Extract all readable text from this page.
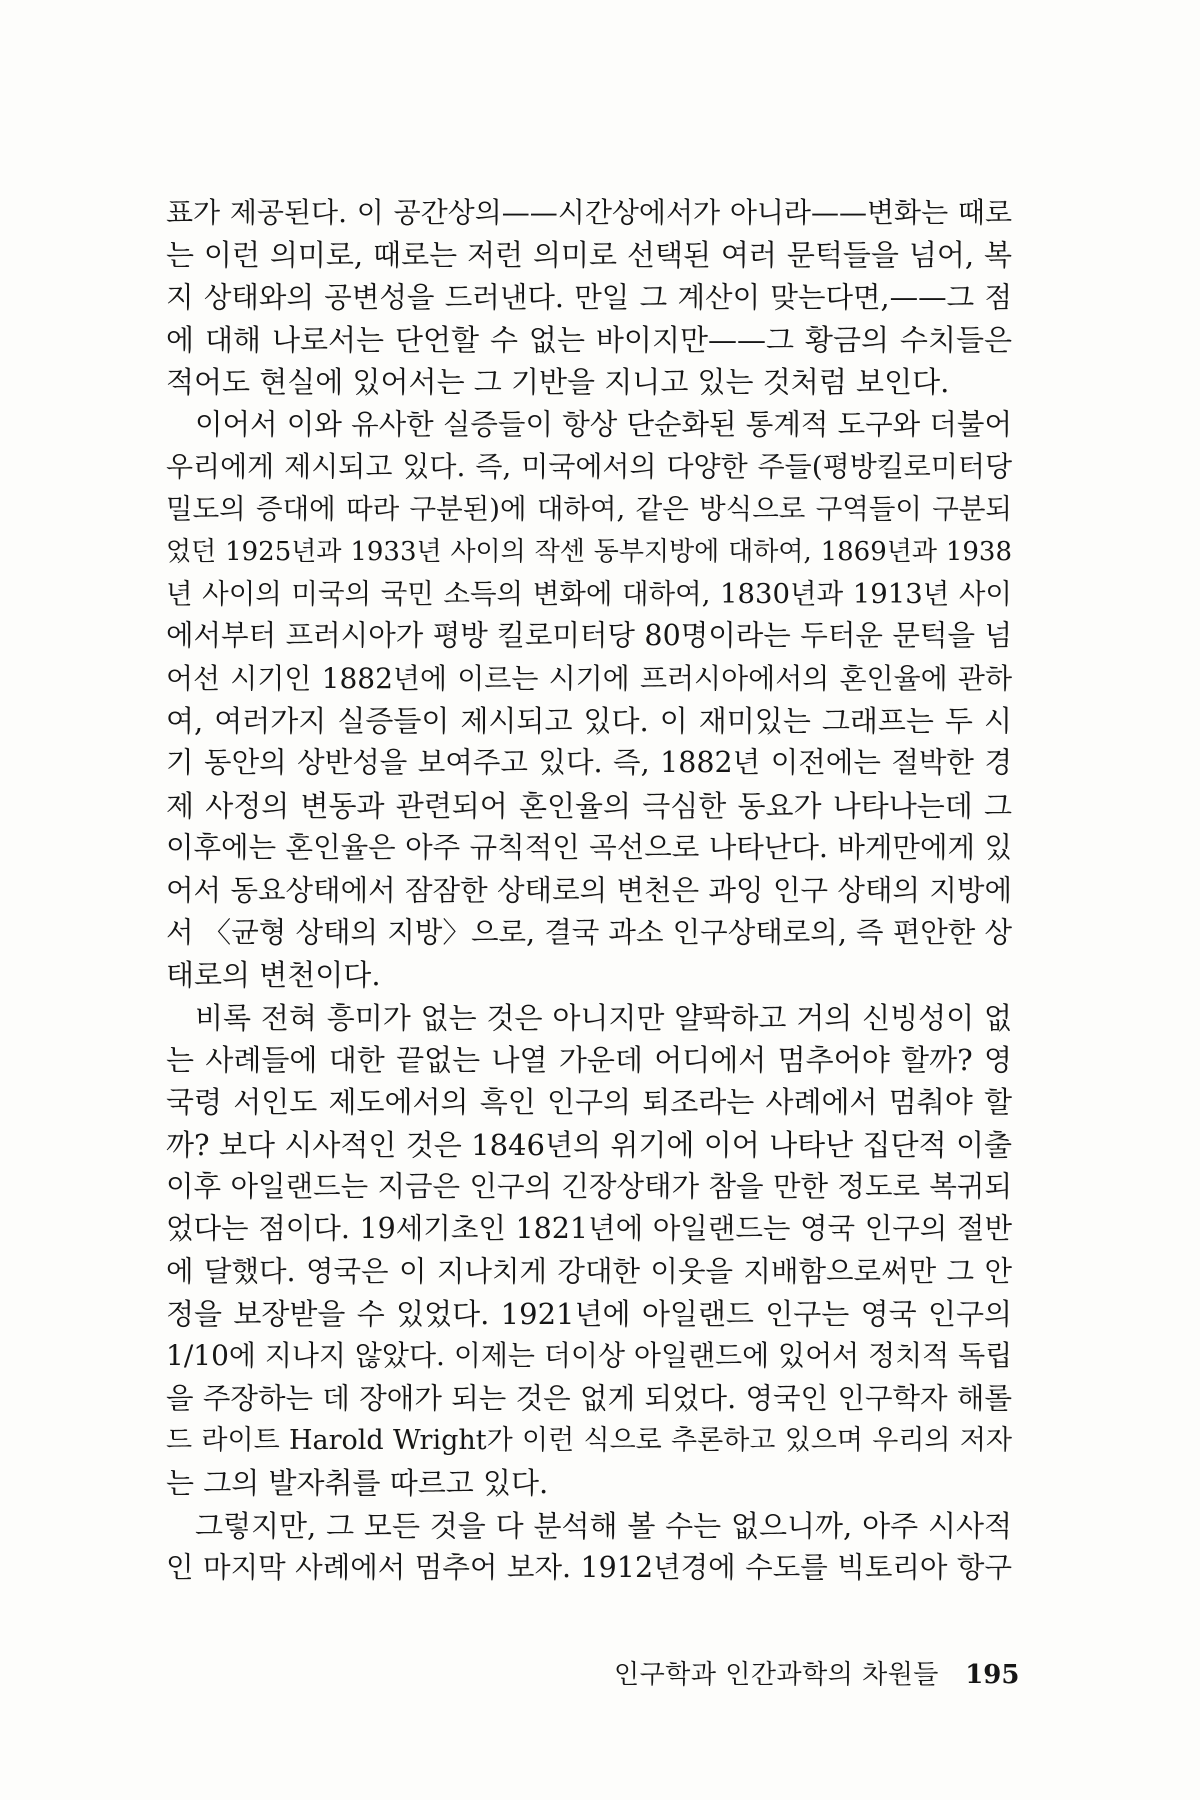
표가 제공된다. 이 공간상의——시간상에서가 아니라——변화는 때로
는 이런 의미로, 때로는 저런 의미로 선택된 여러 문턱들을 넘어, 복
지 상태와의 공변성을 드러낸다. 만일 그 계산이 맞는다면,——그 점
에 대해 나로서는 단언할 수 없는 바이지만——그 황금의 수치들은
적어도 현실에 있어서는 그 기반을 지니고 있는 것처럼 보인다.
이어서 이와 유사한 실증들이 항상 단순화된 통계적 도구와 더불어
우리에게 제시되고 있다. 즉, 미국에서의 다양한 주들(평방킬로미터당
밀도의 증대에 따라 구분된)에 대하여, 같은 방식으로 구역들이 구분되
었던 1925년과 1933년 사이의 작센 동부지방에 대하여, 1869년과 1938
년 사이의 미국의 국민 소득의 변화에 대하여, 1830년과 1913년 사이
에서부터 프러시아가 평방 킬로미터당 80명이라는 두터운 문턱을 넘
어선 시기인 1882년에 이르는 시기에 프러시아에서의 혼인율에 관하
여, 여러가지 실증들이 제시되고 있다. 이 재미있는 그래프는 두 시
기 동안의 상반성을 보여주고 있다. 즉, 1882년 이전에는 절박한 경
제 사정의 변동과 관련되어 혼인율의 극심한 동요가 나타나는데 그
이후에는 혼인율은 아주 규칙적인 곡선으로 나타난다. 바게만에게 있
어서 동요상태에서 잠잠한 상태로의 변천은 과잉 인구 상태의 지방에
서 〈균형 상태의 지방〉으로, 결국 과소 인구상태로의, 즉 편안한 상
태로의 변천이다.
비록 전혀 흥미가 없는 것은 아니지만 얄팍하고 거의 신빙성이 없
는 사례들에 대한 끝없는 나열 가운데 어디에서 멈추어야 할까? 영
국령 서인도 제도에서의 흑인 인구의 퇴조라는 사례에서 멈춰야 할
까? 보다 시사적인 것은 1846년의 위기에 이어 나타난 집단적 이출
이후 아일랜드는 지금은 인구의 긴장상태가 참을 만한 정도로 복귀되
었다는 점이다. 19세기초인 1821년에 아일랜드는 영국 인구의 절반
에 달했다. 영국은 이 지나치게 강대한 이웃을 지배함으로써만 그 안
정을 보장받을 수 있었다. 1921년에 아일랜드 인구는 영국 인구의
1/10에 지나지 않았다. 이제는 더이상 아일랜드에 있어서 정치적 독립
을 주장하는 데 장애가 되는 것은 없게 되었다. 영국인 인구학자 해롤
드 라이트 Harold Wright가 이런 식으로 추론하고 있으며 우리의 저자
는 그의 발자취를 따르고 있다.
그렇지만, 그 모든 것을 다 분석해 볼 수는 없으니까, 아주 시사적
인 마지막 사례에서 멈추어 보자. 1912년경에 수도를 빅토리아 항구
인구학과 인간과학의 차원들 195
